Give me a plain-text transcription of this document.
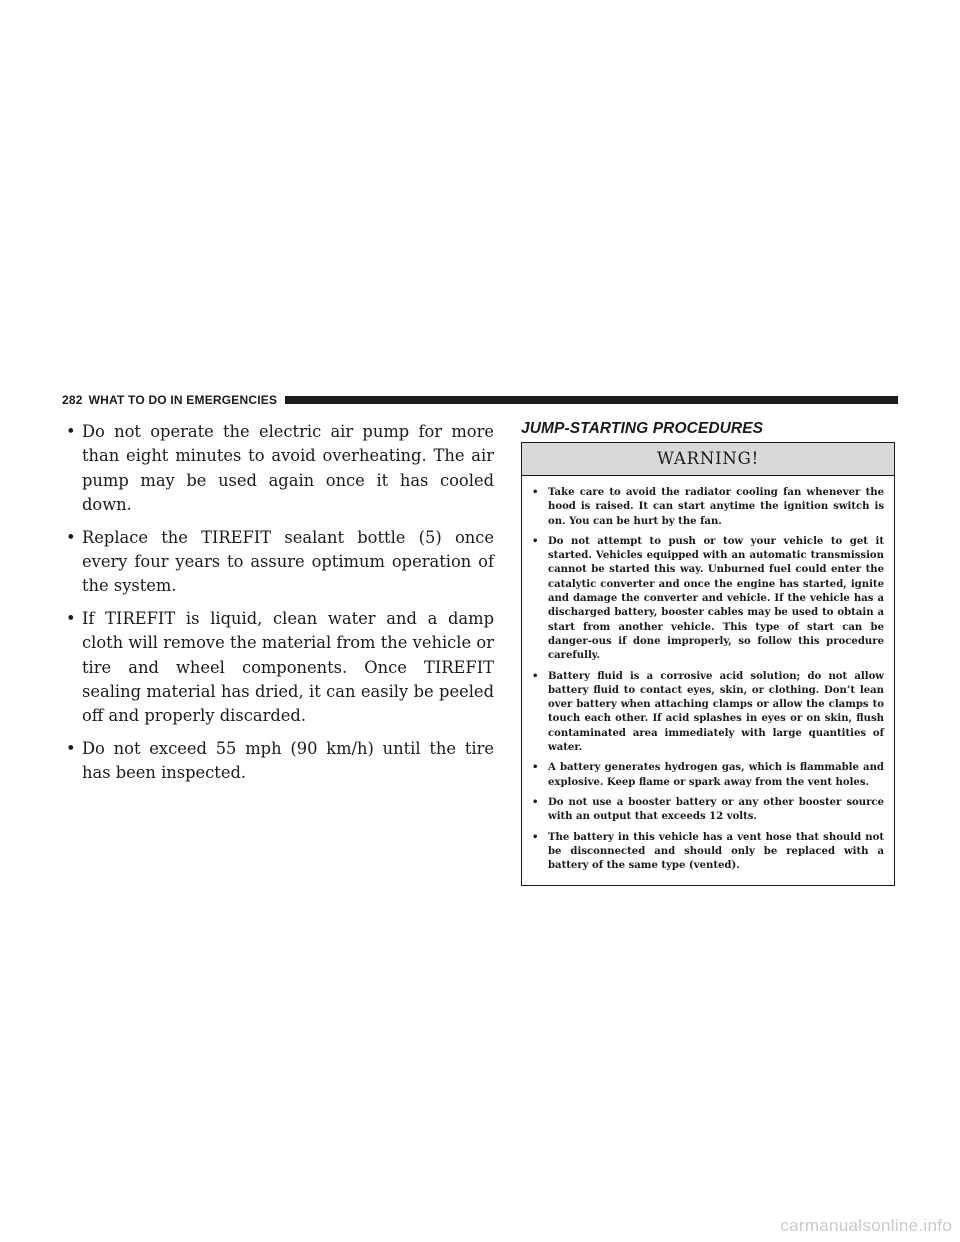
282 WHAT TO DO IN EMERGENCIES
• Do not operate the electric air pump for more than eight minutes to avoid overheating. The air pump may be used again once it has cooled down.
• Replace the TIREFIT sealant bottle (5) once every four years to assure optimum operation of the system.
• If TIREFIT is liquid, clean water and a damp cloth will remove the material from the vehicle or tire and wheel components. Once TIREFIT sealing material has dried, it can easily be peeled off and properly discarded.
• Do not exceed 55 mph (90 km/h) until the tire has been inspected.
JUMP-STARTING PROCEDURES
WARNING!
• Take care to avoid the radiator cooling fan whenever the hood is raised. It can start anytime the ignition switch is on. You can be hurt by the fan.
• Do not attempt to push or tow your vehicle to get it started. Vehicles equipped with an automatic transmission cannot be started this way. Unburned fuel could enter the catalytic converter and once the engine has started, ignite and damage the converter and vehicle. If the vehicle has a discharged battery, booster cables may be used to obtain a start from another vehicle. This type of start can be danger-ous if done improperly, so follow this procedure carefully.
• Battery fluid is a corrosive acid solution; do not allow battery fluid to contact eyes, skin, or clothing. Don’t lean over battery when attaching clamps or allow the clamps to touch each other. If acid splashes in eyes or on skin, flush contaminated area immediately with large quantities of water.
• A battery generates hydrogen gas, which is flammable and explosive. Keep flame or spark away from the vent holes.
• Do not use a booster battery or any other booster source with an output that exceeds 12 volts.
• The battery in this vehicle has a vent hose that should not be disconnected and should only be replaced with a battery of the same type (vented).
carmanualsonline.info
